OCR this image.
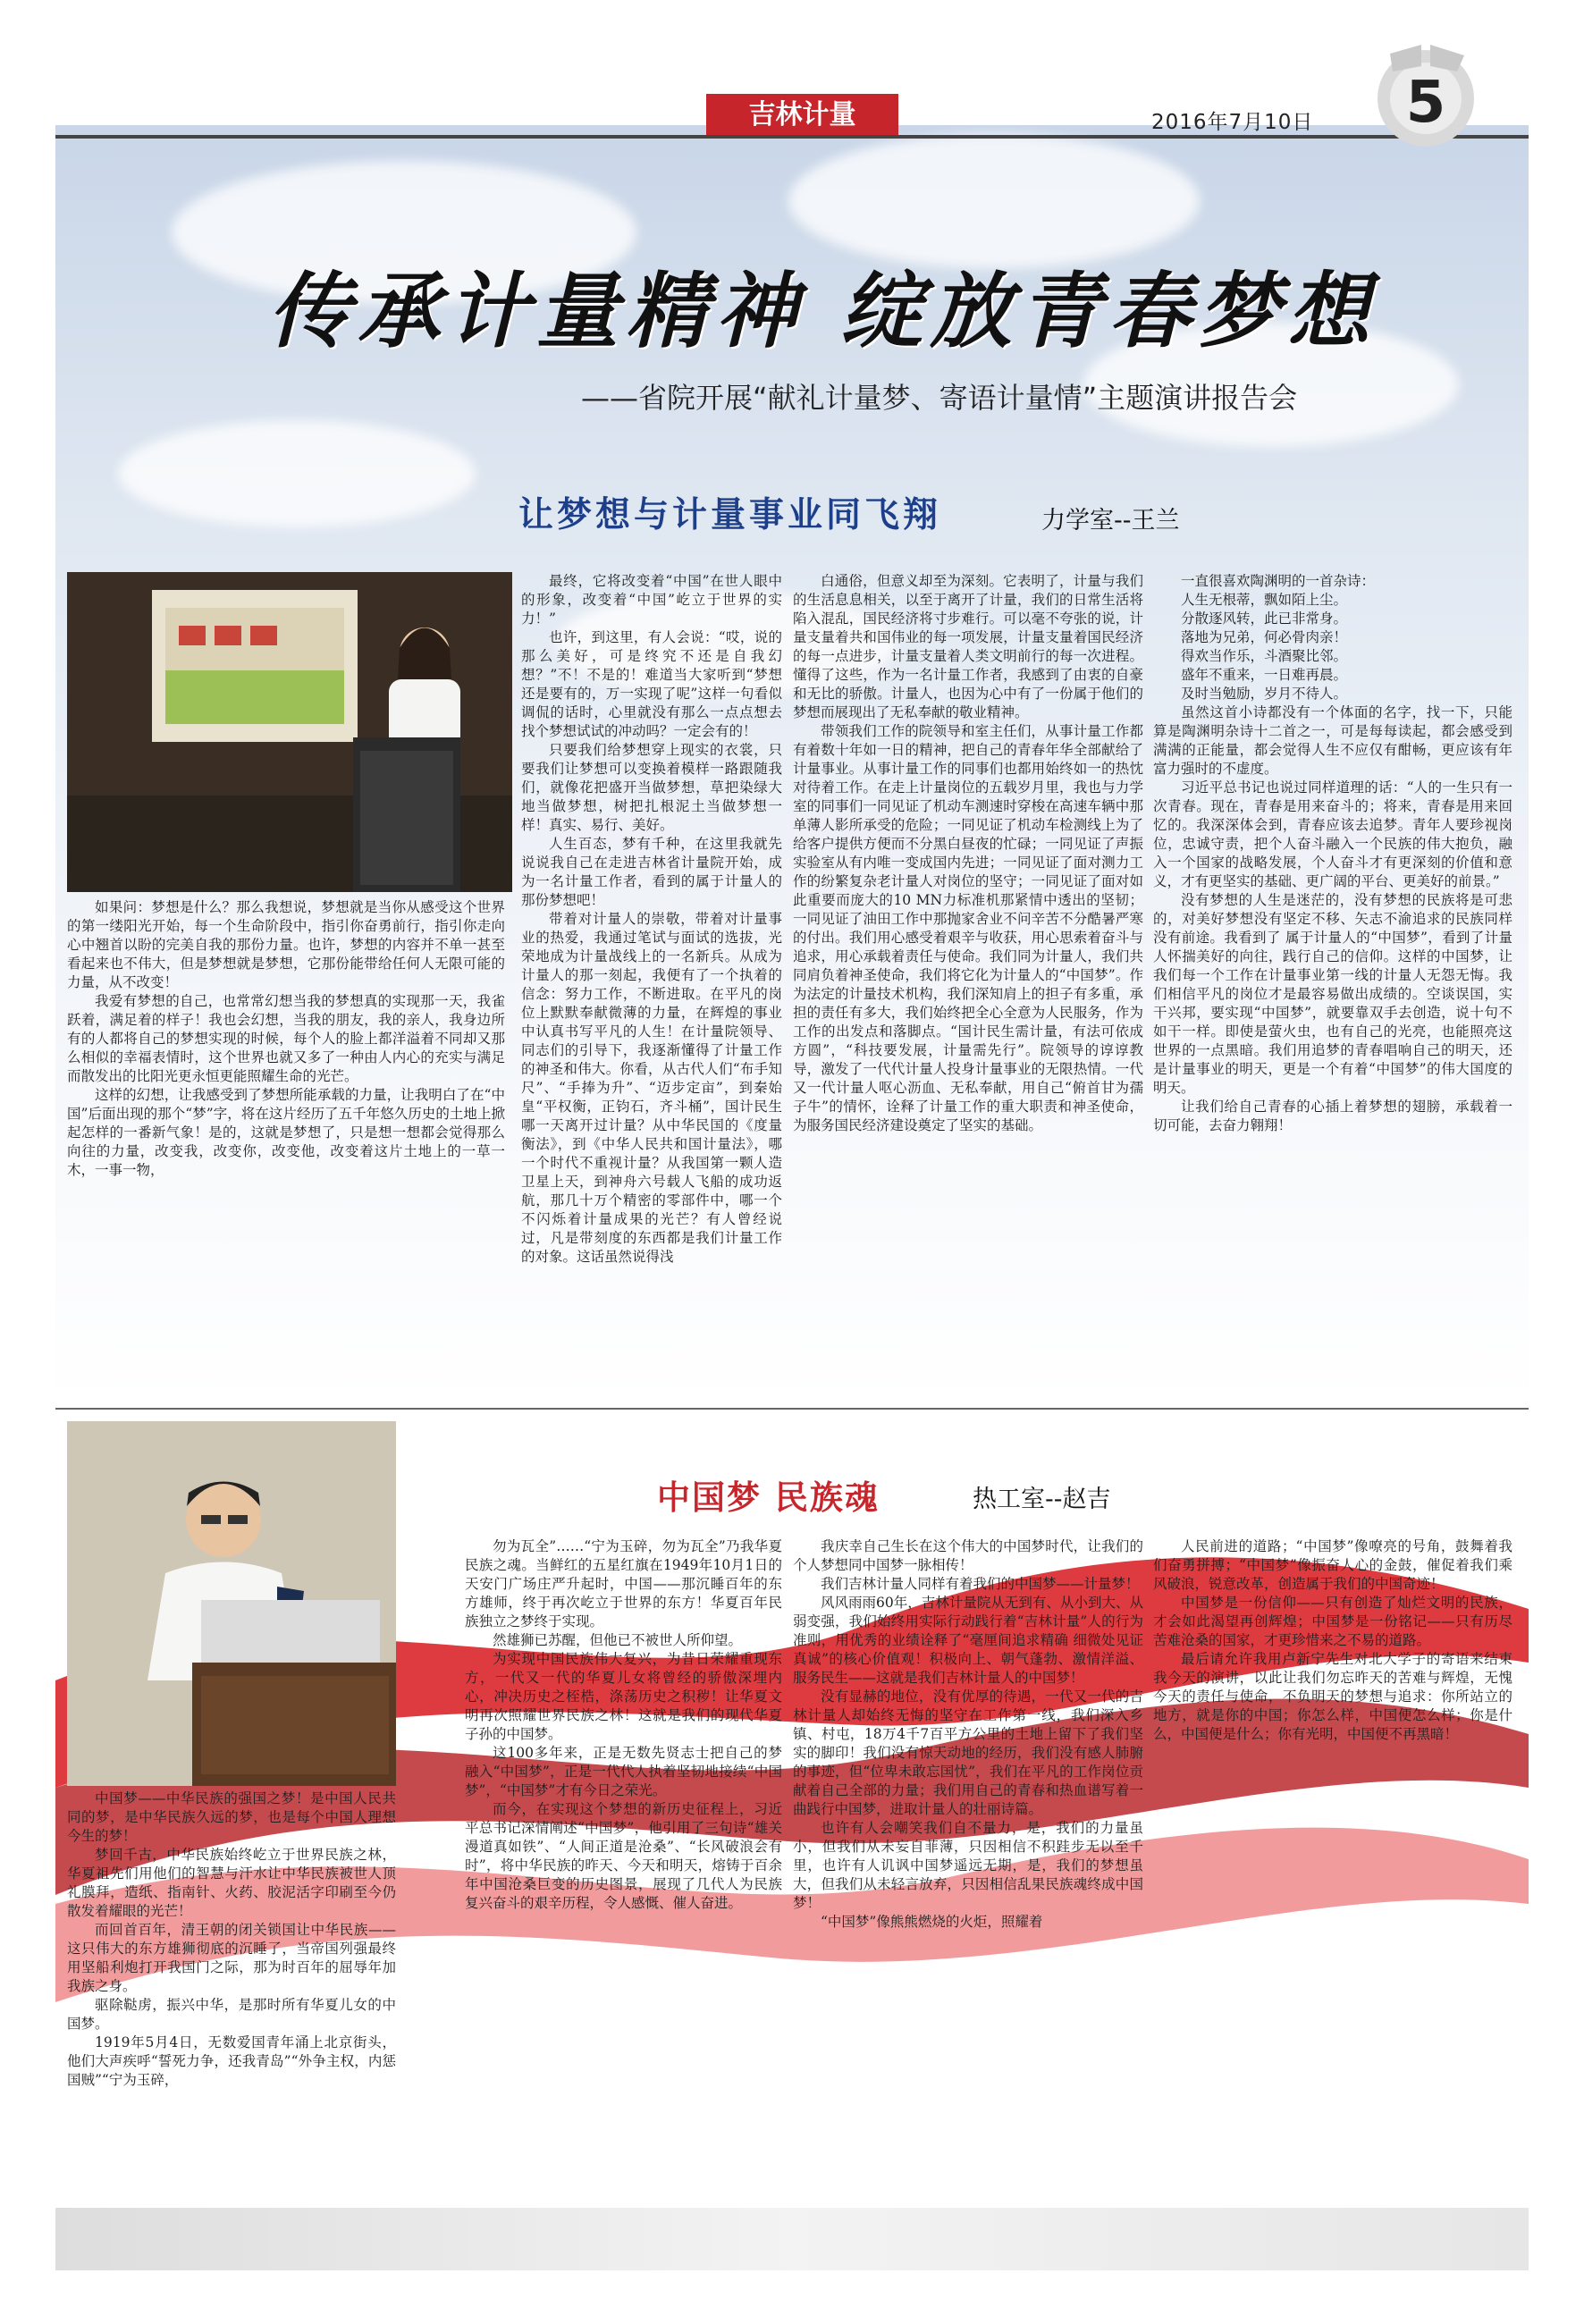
吉林计量	2016年7月10日 5
传承计量精神 绽放青春梦想
——省院开展“献礼计量梦、寄语计量情”主题演讲报告会
让梦想与计量事业同飞翔	力学室--王兰

如果问：梦想是什么？那么我想说，梦想就是当你从感受这个世界的第一缕阳光开始，每一个生命阶段中，指引你奋勇前行，指引你走向心中翘首以盼的完美自我的那份力量。也许，梦想的内容并不单一甚至看起来也不伟大，但是梦想就是梦想，它那份能带给任何人无限可能的力量，从不改变！

我爱有梦想的自己，也常常幻想当我的梦想真的实现那一天，我雀跃着，满足着的样子！我也会幻想，当我的朋友，我的亲人，我身边所有的人都将自己的梦想实现的时候，每个人的脸上都洋溢着不同却又那么相似的幸福表情时，这个世界也就又多了一种由人内心的充实与满足而散发出的比阳光更永恒更能照耀生命的光芒。

这样的幻想，让我感受到了梦想所能承载的力量，让我明白了在“中国”后面出现的那个“梦”字，将在这片经历了五千年悠久历史的土地上掀起怎样的一番新气象！是的，这就是梦想了，只是想一想都会觉得那么向往的力量，改变我，改变你，改变他，改变着这片土地上的一草一木，一事一物，

最终，它将改变着“中国”在世人眼中的形象，改变着“中国”屹立于世界的实力！”

也许，到这里，有人会说：“哎，说的那么美好，可是终究不还是自我幻想？”不！不是的！难道当大家听到“梦想还是要有的，万一实现了呢”这样一句看似调侃的话时，心里就没有那么一点点想去找个梦想试试的冲动吗？一定会有的！

只要我们给梦想穿上现实的衣裳，只要我们让梦想可以变换着模样一路跟随我们，就像花把盛开当做梦想，草把染绿大地当做梦想，树把扎根泥土当做梦想一样！真实、易行、美好。

人生百态，梦有千种，在这里我就先说说我自己在走进吉林省计量院开始，成为一名计量工作者，看到的属于计量人的那份梦想吧！

带着对计量人的崇敬，带着对计量事业的热爱，我通过笔试与面试的选拔，光荣地成为计量战线上的一名新兵。从成为计量人的那一刻起，我便有了一个执着的信念：努力工作，不断进取。在平凡的岗位上默默奉献微薄的力量，在辉煌的事业中认真书写平凡的人生！在计量院领导、同志们的引导下，我逐渐懂得了计量工作的神圣和伟大。你看，从古代人们“布手知尺”、“手捧为升”、“迈步定亩”，到秦始皇“平权衡，正钧石，齐斗桶”，国计民生哪一天离开过计量？从中华民国的《度量衡法》，到《中华人民共和国计量法》，哪一个时代不重视计量？从我国第一颗人造卫星上天，到神舟六号载人飞船的成功返航，那几十万个精密的零部件中，哪一个不闪烁着计量成果的光芒？有人曾经说过，凡是带刻度的东西都是我们计量工作的对象。这话虽然说得浅

白通俗，但意义却至为深刻。它表明了，计量与我们的生活息息相关，以至于离开了计量，我们的日常生活将陷入混乱，国民经济将寸步难行。可以毫不夸张的说，计量支量着共和国伟业的每一项发展，计量支量着国民经济的每一点进步，计量支量着人类文明前行的每一次进程。懂得了这些，作为一名计量工作者，我感到了由衷的自豪和无比的骄傲。计量人，也因为心中有了一份属于他们的梦想而展现出了无私奉献的敬业精神。

带领我们工作的院领导和室主任们，从事计量工作都有着数十年如一日的精神，把自己的青春年华全部献给了计量事业。从事计量工作的同事们也都用始终如一的热忱对待着工作。在走上计量岗位的五载岁月里，我也与力学室的同事们一同见证了机动车测速时穿梭在高速车辆中那单薄人影所承受的危险；一同见证了机动车检测线上为了给客户提供方便而不分黑白昼夜的忙碌；一同见证了声振实验室从有内唯一变成国内先进；一同见证了面对测力工作的纷繁复杂老计量人对岗位的坚守；一同见证了面对如此重要而庞大的10 MN力标准机那紧情中透出的坚韧；一同见证了油田工作中那抛家舍业不问辛苦不分酷暑严寒的付出。我们用心感受着艰辛与收获，用心思索着奋斗与追求，用心承载着责任与使命。我们同为计量人，我们共同肩负着神圣使命，我们将它化为计量人的“中国梦”。作为法定的计量技术机构，我们深知肩上的担子有多重，承担的责任有多大，我们始终把全心全意为人民服务，作为工作的出发点和落脚点。“国计民生需计量，有法可依成方圆”，“科技要发展，计量需先行”。院领导的谆谆教导，激发了一代代计量人投身计量事业的无限热情。一代又一代计量人呕心沥血、无私奉献，用自己“俯首甘为孺子牛”的情怀，诠释了计量工作的重大职责和神圣使命，为服务国民经济建设奠定了坚实的基础。

一直很喜欢陶渊明的一首杂诗：

人生无根蒂，飘如陌上尘。

分散逐风转，此已非常身。

落地为兄弟，何必骨肉亲！

得欢当作乐，斗酒聚比邻。

盛年不重来，一日难再晨。

及时当勉励，岁月不待人。

虽然这首小诗都没有一个体面的名字，找一下，只能算是陶渊明杂诗十二首之一，可是每每读起，都会感受到满满的正能量，都会觉得人生不应仅有酣畅，更应该有年富力强时的不虚度。

习近平总书记也说过同样道理的话：“人的一生只有一次青春。现在，青春是用来奋斗的；将来，青春是用来回忆的。我深深体会到，青春应该去追梦。青年人要珍视岗位，忠诚守责，把个人奋斗融入一个民族的伟大抱负，融入一个国家的战略发展，个人奋斗才有更深刻的价值和意义，才有更坚实的基础、更广阔的平台、更美好的前景。”

没有梦想的人生是迷茫的，没有梦想的民族将是可悲的，对美好梦想没有坚定不移、矢志不渝追求的民族同样没有前途。我看到了 属于计量人的“中国梦”，看到了计量人怀揣美好的向往，践行自己的信仰。这样的中国梦，让我们每一个工作在计量事业第一线的计量人无怨无悔。我们相信平凡的岗位才是最容易做出成绩的。空谈误国，实干兴邦，要实现“中国梦”，就要靠双手去创造，说十句不如干一样。即使是萤火虫，也有自己的光亮，也能照亮这世界的一点黑暗。我们用追梦的青春唱响自己的明天，还是计量事业的明天，更是一个有着“中国梦”的伟大国度的明天。

让我们给自己青春的心插上着梦想的翅膀，承载着一切可能，去奋力翱翔！

中国梦 民族魂	热工室--赵吉

中国梦——中华民族的强国之梦！是中国人民共同的梦，是中华民族久远的梦，也是每个中国人理想今生的梦！

梦回千古，中华民族始终屹立于世界民族之林，华夏祖先们用他们的智慧与汗水让中华民族被世人顶礼膜拜，造纸、指南针、火药、胶泥活字印刷至今仍散发着耀眼的光芒！

而回首百年，清王朝的闭关锁国让中华民族——这只伟大的东方雄狮彻底的沉睡了，当帝国列强最终用坚船利炮打开我国门之际，那为时百年的屈辱年加我族之身。

驱除鞑虏，振兴中华，是那时所有华夏儿女的中国梦。

1919年5月4日，无数爱国青年涌上北京街头，他们大声疾呼“誓死力争，还我青岛”“外争主权，内惩国贼”“宁为玉碎，

勿为瓦全”……“宁为玉碎，勿为瓦全”乃我华夏民族之魂。当鲜红的五星红旗在1949年10月1日的天安门广场庄严升起时，中国——那沉睡百年的东方雄师，终于再次屹立于世界的东方！华夏百年民族独立之梦终于实现。

然雄狮已苏醒，但他已不被世人所仰望。

为实现中国民族伟大复兴，为昔日荣耀重现东方，一代又一代的华夏儿女将曾经的骄傲深埋内心，冲决历史之桎梏，涤荡历史之积秽！让华夏文明再次照耀世界民族之林！这就是我们的现代华夏子孙的中国梦。

这100多年来，正是无数先贤志士把自己的梦融入“中国梦”，正是一代代人执着坚韧地接续“中国梦”，“中国梦”才有今日之荣光。

而今，在实现这个梦想的新历史征程上，习近平总书记深情阐述“中国梦”，他引用了三句诗“雄关漫道真如铁”、“人间正道是沧桑”、“长风破浪会有时”，将中华民族的昨天、今天和明天，熔铸于百余年中国沧桑巨变的历史图景，展现了几代人为民族复兴奋斗的艰辛历程，令人感慨、催人奋进。

我庆幸自己生长在这个伟大的中国梦时代，让我们的个人梦想同中国梦一脉相传！

我们吉林计量人同样有着我们的中国梦——计量梦！

风风雨雨60年，吉林计量院从无到有、从小到大、从弱变强，我们始终用实际行动践行着“吉林计量”人的行为准则，用优秀的业绩诠释了“毫厘间追求精确 细微处见证真诚”的核心价值观！积极向上、朝气蓬勃、激情洋溢、服务民生——这就是我们吉林计量人的中国梦！

没有显赫的地位，没有优厚的待遇，一代又一代的吉林计量人却始终无悔的坚守在工作第一线，我们深入乡镇、村屯，18万4千7百平方公里的土地上留下了我们坚实的脚印！我们没有惊天动地的经历，我们没有感人肺腑的事迹，但“位卑未敢忘国忧”，我们在平凡的工作岗位贡献着自己全部的力量；我们用自己的青春和热血谱写着一曲践行中国梦，进取计量人的壮丽诗篇。

也许有人会嘲笑我们自不量力，是，我们的力量虽小，但我们从未妄自菲薄，只因相信不积跬步无以至千里，也许有人讥讽中国梦遥远无期，是，我们的梦想虽大，但我们从未轻言放弃，只因相信乱果民族魂终成中国梦！

“中国梦”像熊熊燃烧的火炬，照耀着

人民前进的道路；“中国梦”像嘹亮的号角，鼓舞着我们奋勇拼搏；“中国梦”像振奋人心的金鼓，催促着我们乘风破浪，锐意改革，创造属于我们的中国奇迹！

中国梦是一份信仰——只有创造了灿烂文明的民族，才会如此渴望再创辉煌；中国梦是一份铭记——只有历尽苦难沧桑的国家，才更珍惜来之不易的道路。

最后请允许我用卢新宁先生对北大学子的寄语来结束我今天的演讲，以此让我们勿忘昨天的苦难与辉煌，无愧今天的责任与使命，不负明天的梦想与追求：你所站立的地方，就是你的中国；你怎么样，中国便怎么样；你是什么，中国便是什么；你有光明，中国便不再黑暗！
